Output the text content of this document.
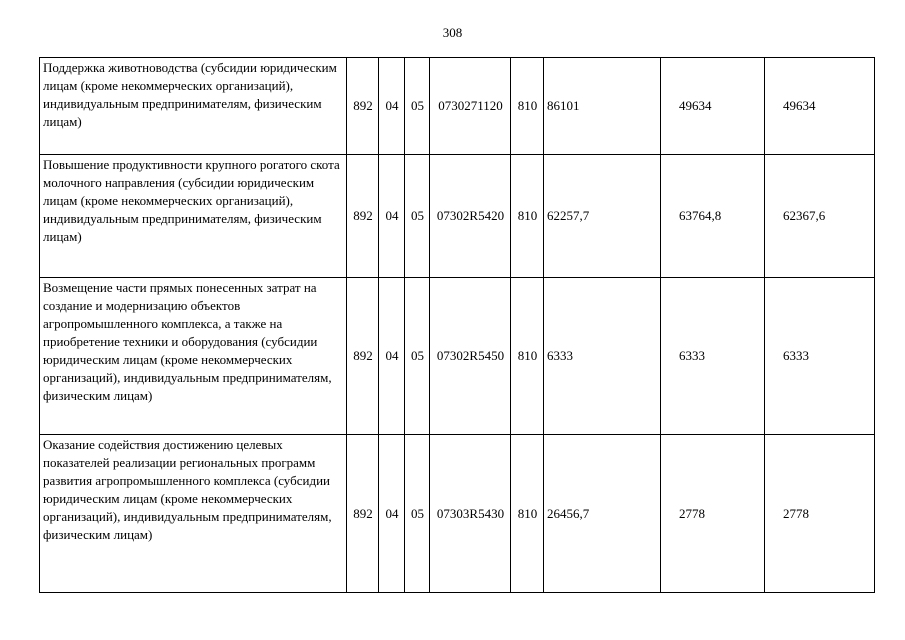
308
Поддержка животноводства (субсидии юридическим лицам (кроме некоммерческих организаций), индивидуальным предпринимателям, физическим лицам)	892	04	05	0730271120	810	86101	49634	49634
Повышение продуктивности крупного рогатого скота молочного направления (субсидии юридическим лицам (кроме некоммерческих организаций), индивидуальным предпринимателям, физическим лицам)	892	04	05	07302R5420	810	62257,7	63764,8	62367,6
Возмещение части прямых понесенных затрат на создание и модернизацию объектов агропромышленного комплекса, а также на приобретение техники и оборудования (субсидии юридическим лицам (кроме некоммерческих организаций), индивидуальным предпринимателям, физическим лицам)	892	04	05	07302R5450	810	6333	6333	6333
Оказание содействия достижению целевых показателей реализации региональных программ развития агропромышленного комплекса (субсидии юридическим лицам (кроме некоммерческих организаций), индивидуальным предпринимателям, физическим лицам)	892	04	05	07303R5430	810	26456,7	2778	2778
